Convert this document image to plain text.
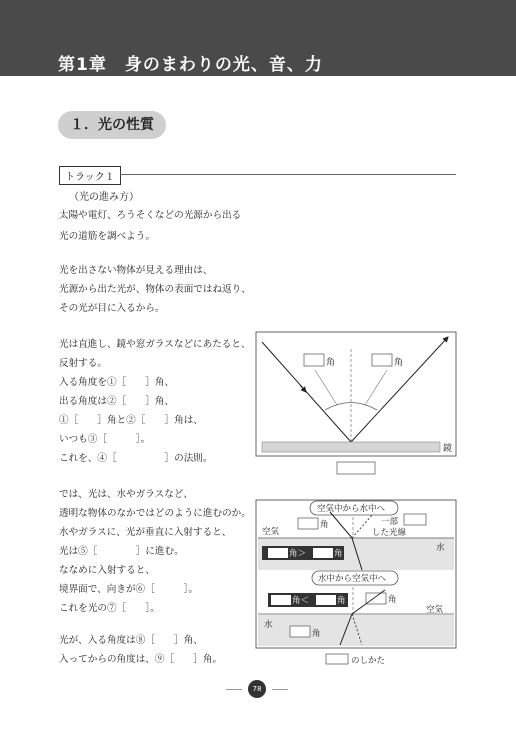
第1章　身のまわりの光、音、力
１．光の性質
トラック１
（光の進み方）
太陽や電灯、ろうそくなどの光源から出る
光の道筋を調べよう。
光を出さない物体が見える理由は、
光源から出た光が、物体の表面ではね返り、
その光が目に入るから。
光は直進し、鏡や窓ガラスなどにあたると、
反射する。
入る角度を①［　　］角、
出る角度は②［　　］角、
①［　　］角と②［　　］角は、
いつも③［　　　］。
これを、④［　　　　　］の法則。
では、光は、水やガラスなど、
透明な物体のなかではどのように進むのか。
水やガラスに、光が垂直に入射すると、
光は⑤［　　　　］に進む。
ななめに入射すると、
境界面で、向きが⑥［　　　］。
これを光の⑦［　　］。
光が、入る角度は⑧［　　］角、
入ってからの角度は、⑨［　　］角。
角	角
鏡
空気中から水中へ
空気
角	一部
した光線
角＞	角
水
水中から空気中へ
角＜	角	角
空気
水
角
のしかた
78
